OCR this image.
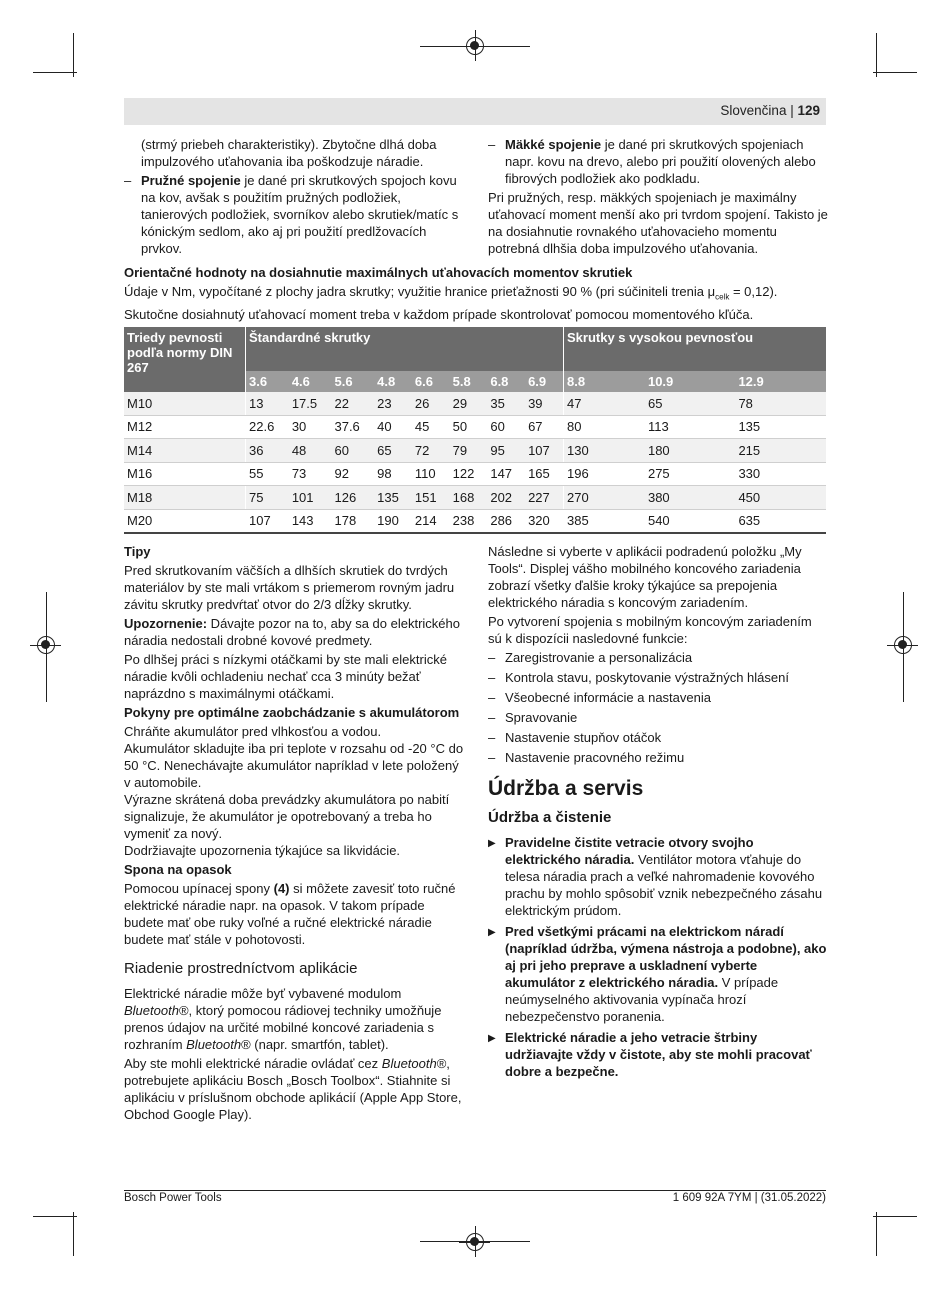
Slovenčina | 129

(strmý priebeh charakteristiky). Zbytočne dlhá doba impulzového uťahovania iba poškodzuje náradie.

– Pružné spojenie je dané pri skrutkových spojoch kovu na kov, avšak s použitím pružných podložiek, tanierových podložiek, svorníkov alebo skrutiek/matíc s kónickým sedlom, ako aj pri použití predlžovacích prvkov.

– Mäkké spojenie je dané pri skrutkových spojeniach napr. kovu na drevo, alebo pri použití olovených alebo fibrových podložiek ako podkladu.

Pri pružných, resp. mäkkých spojeniach je maximálny uťahovací moment menší ako pri tvrdom spojení. Takisto je na dosiahnutie rovnakého uťahovacieho momentu potrebná dlhšia doba impulzového uťahovania.

Orientačné hodnoty na dosiahnutie maximálnych uťahovacích momentov skrutiek

Údaje v Nm, vypočítané z plochy jadra skrutky; využitie hranice prieťažnosti 90 % (pri súčiniteli trenia $\mu_{celk} = 0,12$). Skutočne dosiahnutý uťahovací moment treba v každom prípade skontrolovať pomocou momentového kľúča.

Triedy pevnosti podľa normy DIN 267	Štandardné skrutky								Skrutky s vysokou pevnosťou		
	3.6	4.6	5.6	4.8	6.6	5.8	6.8	6.9	8.8	10.9	12.9
M10	13	17.5	22	23	26	29	35	39	47	65	78
M12	22.6	30	37.6	40	45	50	60	67	80	113	135
M14	36	48	60	65	72	79	95	107	130	180	215
M16	55	73	92	98	110	122	147	165	196	275	330
M18	75	101	126	135	151	168	202	227	270	380	450
M20	107	143	178	190	214	238	286	320	385	540	635

Tipy

Pred skrutkovaním väčších a dlhších skrutiek do tvrdých materiálov by ste mali vrtákom s priemerom rovným jadru závitu skrutky predvŕtať otvor do 2/3 dĺžky skrutky.

Upozornenie: Dávajte pozor na to, aby sa do elektrického náradia nedostali drobné kovové predmety.

Po dlhšej práci s nízkymi otáčkami by ste mali elektrické náradie kvôli ochladeniu nechať cca 3 minúty bežať naprázdno s maximálnymi otáčkami.

Pokyny pre optimálne zaobchádzanie s akumulátorom

Chráňte akumulátor pred vlhkosťou a vodou.

Akumulátor skladujte iba pri teplote v rozsahu od -20 °C do 50 °C. Nenechávajte akumulátor napríklad v lete položený v automobile.

Výrazne skrátená doba prevádzky akumulátora po nabití signalizuje, že akumulátor je opotrebovaný a treba ho vymeniť za nový.

Dodržiavajte upozornenia týkajúce sa likvidácie.

Spona na opasok

Pomocou upínacej spony (4) si môžete zavesiť toto ručné elektrické náradie napr. na opasok. V takom prípade budete mať obe ruky voľné a ručné elektrické náradie budete mať stále v pohotovosti.

Riadenie prostredníctvom aplikácie

Elektrické náradie môže byť vybavené modulom Bluetooth®, ktorý pomocou rádiovej techniky umožňuje prenos údajov na určité mobilné koncové zariadenia s rozhraním Bluetooth® (napr. smartfón, tablet).

Aby ste mohli elektrické náradie ovládať cez Bluetooth®, potrebujete aplikáciu Bosch „Bosch Toolbox“. Stiahnite si aplikáciu v príslušnom obchode aplikácií (Apple App Store, Obchod Google Play).

Následne si vyberte v aplikácii podradenú položku „My Tools“. Displej vášho mobilného koncového zariadenia zobrazí všetky ďalšie kroky týkajúce sa prepojenia elektrického náradia s koncovým zariadením.

Po vytvorení spojenia s mobilným koncovým zariadením sú k dispozícii nasledovné funkcie:

– Zaregistrovanie a personalizácia

– Kontrola stavu, poskytovanie výstražných hlásení

– Všeobecné informácie a nastavenia

– Spravovanie

– Nastavenie stupňov otáčok

– Nastavenie pracovného režimu

Údržba a servis
Údržba a čistenie

▶ Pravidelne čistite vetracie otvory svojho elektrického náradia. Ventilátor motora vťahuje do telesa náradia prach a veľké nahromadenie kovového prachu by mohlo spôsobiť vznik nebezpečného zásahu elektrickým prúdom.

▶ Pred všetkými prácami na elektrickom náradí (napríklad údržba, výmena nástroja a podobne), ako aj pri jeho preprave a uskladnení vyberte akumulátor z elektrického náradia. V prípade neúmyselného aktivovania vypínača hrozí nebezpečenstvo poranenia.

▶ Elektrické náradie a jeho vetracie štrbiny udržiavajte vždy v čistote, aby ste mohli pracovať dobre a bezpečne.

Bosch Power Tools	1 609 92A 7YM | (31.05.2022)
